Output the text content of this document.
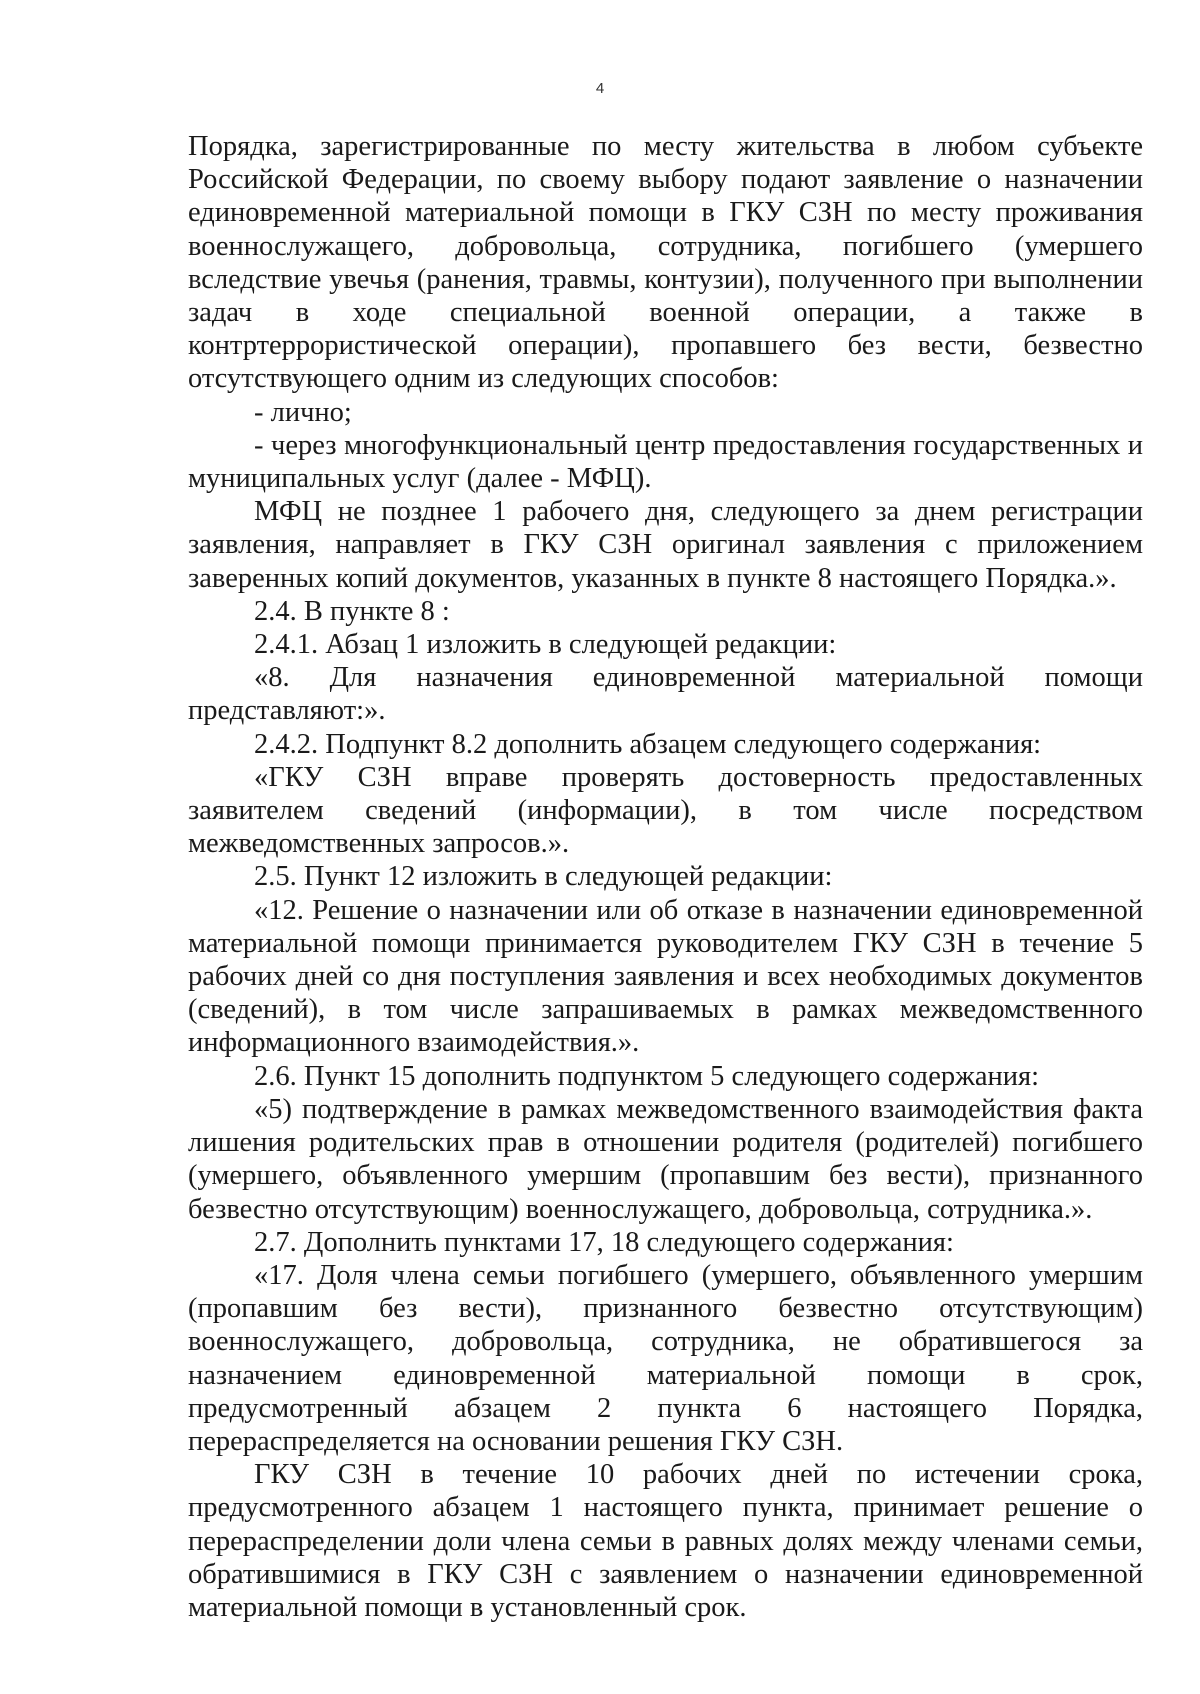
4

Порядка, зарегистрированные по месту жительства в любом субъекте Российской Федерации, по своему выбору подают заявление о назначении единовременной материальной помощи в ГКУ СЗН по месту проживания военнослужащего, добровольца, сотрудника, погибшего (умершего вследствие увечья (ранения, травмы, контузии), полученного при выполнении задач в ходе специальной военной операции, а также в контртеррористической операции), пропавшего без вести, безвестно отсутствующего одним из следующих способов:

- лично;

- через многофункциональный центр предоставления государственных и муниципальных услуг (далее - МФЦ).

МФЦ не позднее 1 рабочего дня, следующего за днем регистрации заявления, направляет в ГКУ СЗН оригинал заявления с приложением заверенных копий документов, указанных в пункте 8 настоящего Порядка.».

2.4. В пункте 8 :

2.4.1. Абзац 1 изложить в следующей редакции:

«8. Для назначения единовременной материальной помощи представляют:».

2.4.2. Подпункт 8.2 дополнить абзацем следующего содержания:

«ГКУ СЗН вправе проверять достоверность предоставленных заявителем сведений (информации), в том числе посредством межведомственных запросов.».

2.5. Пункт 12 изложить в следующей редакции:

«12. Решение о назначении или об отказе в назначении единовременной материальной помощи принимается руководителем ГКУ СЗН в течение 5 рабочих дней со дня поступления заявления и всех необходимых документов (сведений), в том числе запрашиваемых в рамках межведомственного информационного взаимодействия.».

2.6. Пункт 15 дополнить подпунктом 5 следующего содержания:

«5) подтверждение в рамках межведомственного взаимодействия факта лишения родительских прав в отношении родителя (родителей) погибшего (умершего, объявленного умершим (пропавшим без вести), признанного безвестно отсутствующим) военнослужащего, добровольца, сотрудника.».

2.7. Дополнить пунктами 17, 18 следующего содержания:

«17. Доля члена семьи погибшего (умершего, объявленного умершим (пропавшим без вести), признанного безвестно отсутствующим) военнослужащего, добровольца, сотрудника, не обратившегося за назначением единовременной материальной помощи в срок, предусмотренный абзацем 2 пункта 6 настоящего Порядка, перераспределяется на основании решения ГКУ СЗН.

ГКУ СЗН в течение 10 рабочих дней по истечении срока, предусмотренного абзацем 1 настоящего пункта, принимает решение о перераспределении доли члена семьи в равных долях между членами семьи, обратившимися в ГКУ СЗН с заявлением о назначении единовременной материальной помощи в установленный срок.
